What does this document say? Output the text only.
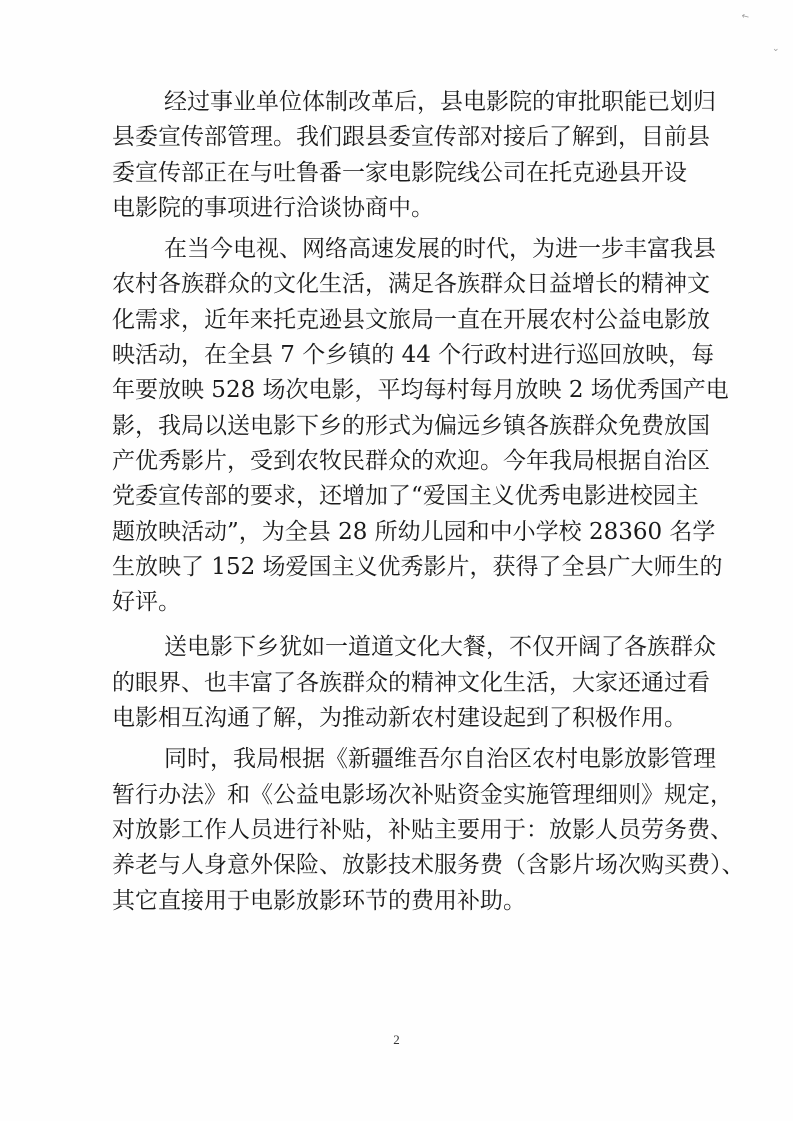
↖
⌄

经过事业单位体制改革后，县电影院的审批职能已划归
县委宣传部管理。我们跟县委宣传部对接后了解到，目前县
委宣传部正在与吐鲁番一家电影院线公司在托克逊县开设
电影院的事项进行洽谈协商中。

在当今电视、网络高速发展的时代，为进一步丰富我县
农村各族群众的文化生活，满足各族群众日益增长的精神文
化需求，近年来托克逊县文旅局一直在开展农村公益电影放
映活动，在全县 7 个乡镇的 44 个行政村进行巡回放映，每
年要放映 528 场次电影，平均每村每月放映 2 场优秀国产电
影，我局以送电影下乡的形式为偏远乡镇各族群众免费放国
产优秀影片，受到农牧民群众的欢迎。今年我局根据自治区
党委宣传部的要求，还增加了“爱国主义优秀电影进校园主
题放映活动”，为全县 28 所幼儿园和中小学校 28360 名学
生放映了 152 场爱国主义优秀影片，获得了全县广大师生的
好评。

送电影下乡犹如一道道文化大餐，不仅开阔了各族群众
的眼界、也丰富了各族群众的精神文化生活，大家还通过看
电影相互沟通了解，为推动新农村建设起到了积极作用。

同时，我局根据《新疆维吾尔自治区农村电影放影管理
暂行办法》和《公益电影场次补贴资金实施管理细则》规定，
对放影工作人员进行补贴，补贴主要用于：放影人员劳务费、
养老与人身意外保险、放影技术服务费（含影片场次购买费）、
其它直接用于电影放影环节的费用补助。

2
